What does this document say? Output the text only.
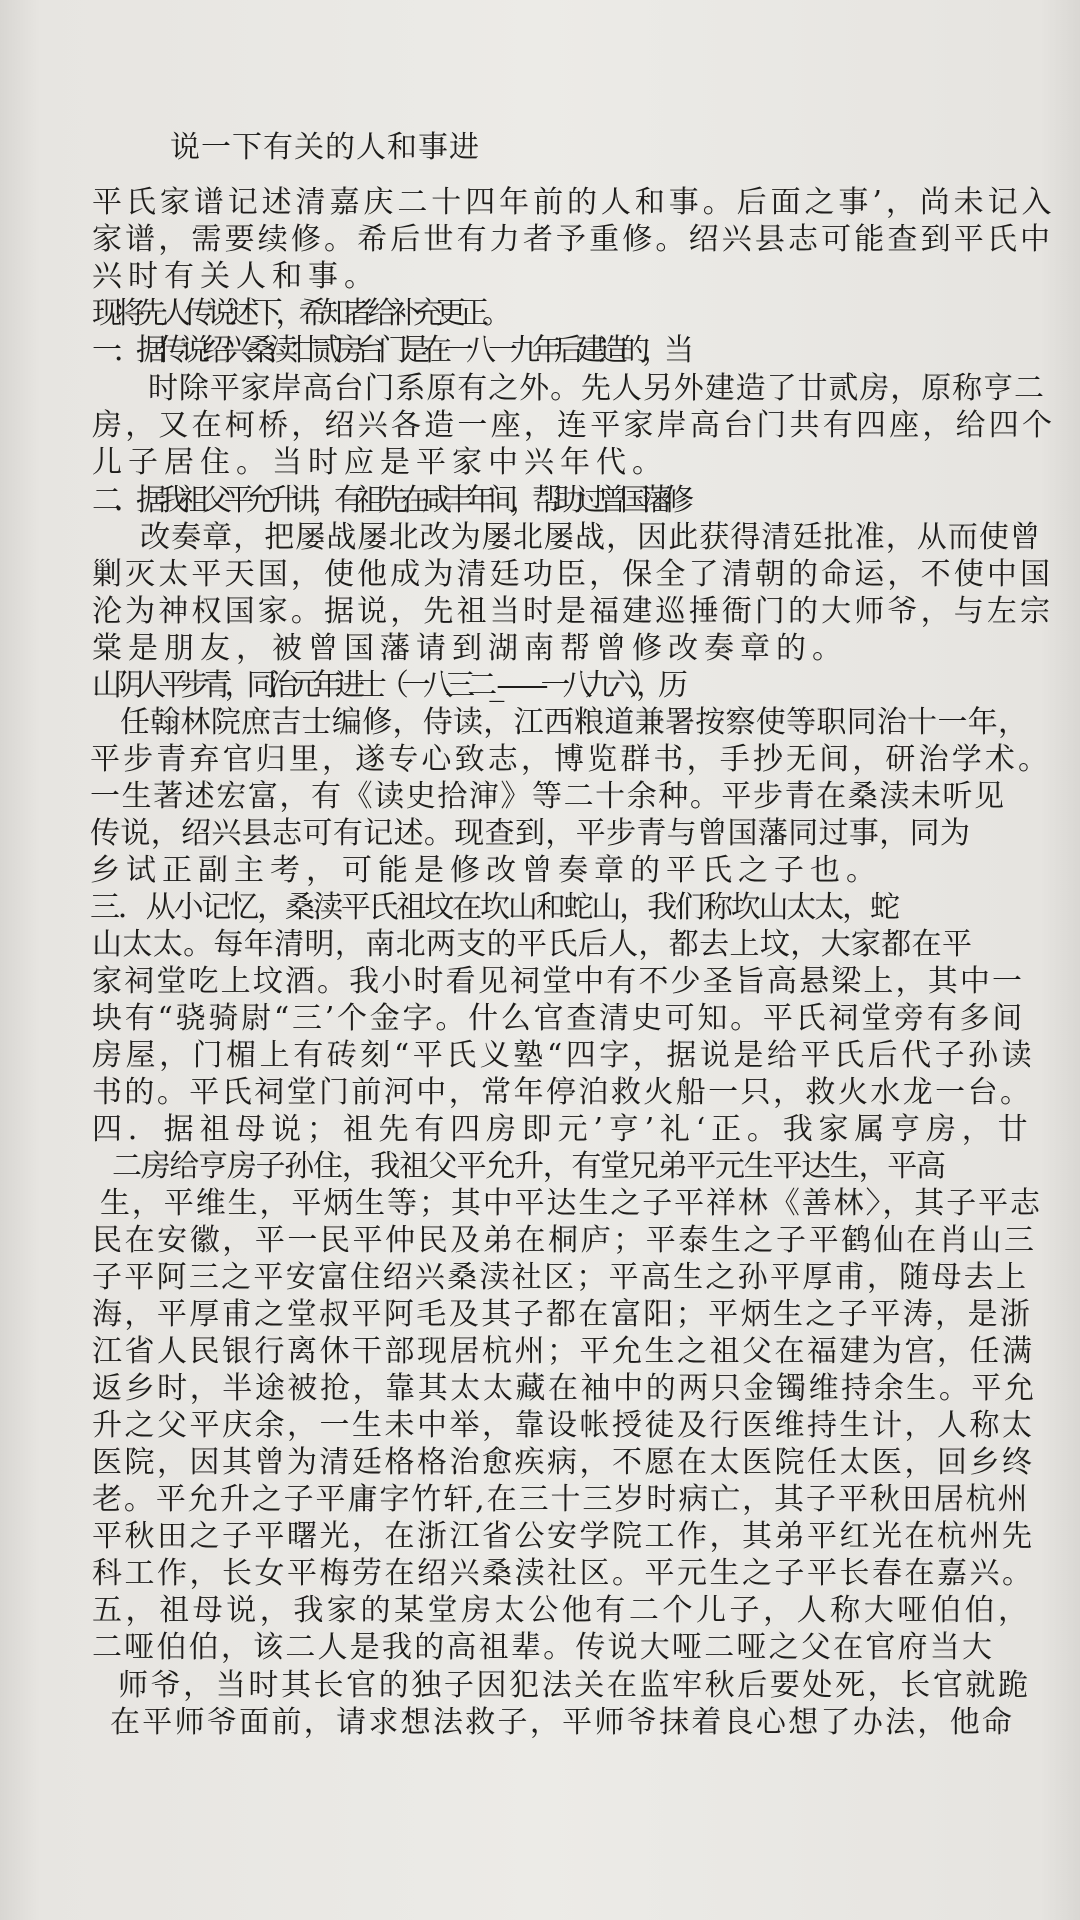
说一下有关的人和事进
平氏家谱记述清嘉庆二十四年前的人和事。后面之事’，尚未记入
家谱，需要续修。希后世有力者予重修。绍兴县志可能查到平氏中
兴时有关人和事。
现将先人传说述下，希知者给补充更正。
一．据传说绍兴桑渎廿贰房台门是在一八一九年后建造的，当
时除平家岸高台门系原有之外。先人另外建造了廿贰房，原称亨二
房，又在柯桥，绍兴各造一座，连平家岸高台门共有四座，给四个
儿子居住。当时应是平家中兴年代。
二．据我祖父平允升讲，有祖先在咸丰年间，帮助过曾国藩修
改奏章，把屡战屡北改为屡北屡战，因此获得清廷批准，从而使曾
剿灭太平天国，使他成为清廷功臣，保全了清朝的命运，不使中国
沦为神权国家。据说，先祖当时是福建巡捶衙门的大师爷，与左宗
棠是朋友，被曾国藩请到湖南帮曾修改奏章的。
山阴人平步青，同治元年进士（一八三二_——一八九六），历
任翰林院庶吉士编修，侍读，江西粮道兼署按察使等职同治十一年，
平步青弃官归里，遂专心致志，博览群书，手抄无间，研治学术。
一生著述宏富，有《读史拾渖》等二十余种。平步青在桑渎未听见
传说，绍兴县志可有记述。现查到，平步青与曾国藩同过事，同为
乡试正副主考，可能是修改曾奏章的平氏之子也。
三．从小记忆，桑渎平氏祖坟在坎山和蛇山，我们称坎山太太，蛇
山太太。每年清明，南北两支的平氏后人，都去上坟，大家都在平
家祠堂吃上坟酒。我小时看见祠堂中有不少圣旨高悬梁上，其中一
块有“骁骑尉“三’个金字。什么官查清史可知。平氏祠堂旁有多间
房屋，门楣上有砖刻“平氏义塾“四字，据说是给平氏后代子孙读
书的。平氏祠堂门前河中，常年停泊救火船一只，救火水龙一台。
四．据祖母说；祖先有四房即元’亨’礼‘正。我家属亨房，廿
二房给亨房子孙住，我祖父平允升，有堂兄弟平元生平达生，平高
生，平维生，平炳生等；其中平达生之子平祥林《善林〉，其子平志
民在安徽，平一民平仲民及弟在桐庐；平泰生之子平鹤仙在肖山三
子平阿三之平安富住绍兴桑渎社区；平高生之孙平厚甫，随母去上
海，平厚甫之堂叔平阿毛及其子都在富阳；平炳生之子平涛，是浙
江省人民银行离休干部现居杭州；平允生之祖父在福建为宫，任满
返乡时，半途被抢，靠其太太藏在袖中的两只金镯维持余生。平允
升之父平庆余，一生未中举，靠设帐授徒及行医维持生计，人称太
医院，因其曾为清廷格格治愈疾病，不愿在太医院任太医，回乡终
老。平允升之子平庸字竹轩,在三十三岁时病亡，其子平秋田居杭州
平秋田之子平曙光，在浙江省公安学院工作，其弟平红光在杭州先
科工作，长女平梅劳在绍兴桑渎社区。平元生之子平长春在嘉兴。
五，祖母说，我家的某堂房太公他有二个儿子，人称大哑伯伯，
二哑伯伯，该二人是我的高祖辈。传说大哑二哑之父在官府当大
师爷，当时其长官的独子因犯法关在监牢秋后要处死，长官就跪
在平师爷面前，请求想法救子，平师爷抹着良心想了办法，他命
